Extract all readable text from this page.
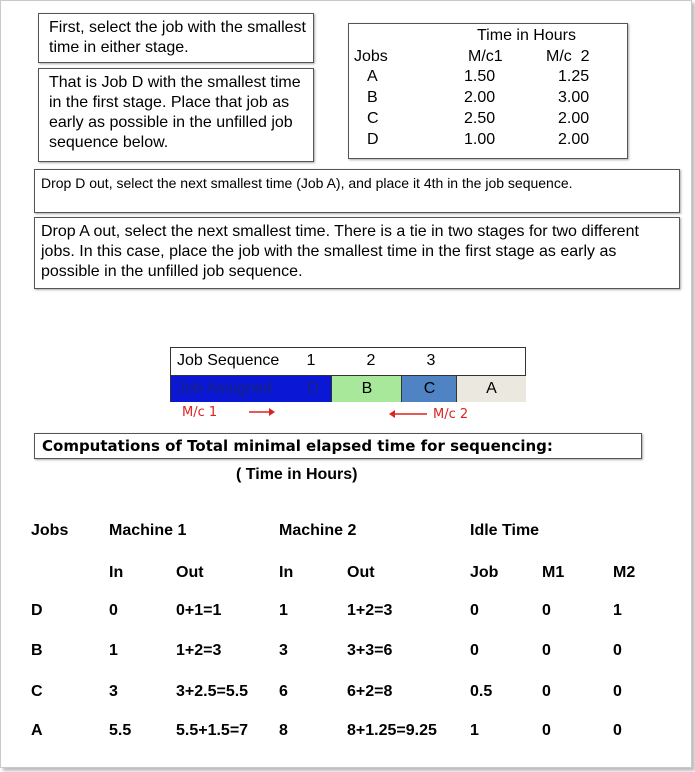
First, select the job with the smallest time in either stage.
That is Job D with the smallest time in the first stage. Place that job as early as possible in the unfilled job sequence below.
Time in Hours
Jobs	M/c1	M/c  2
A	1.50	1.25
B	2.00	3.00
C	2.50	2.00
D	1.00	2.00
Drop D out, select the next smallest time (Job A), and place it 4th in the job sequence.
Drop A out, select the next smallest time. There is a tie in two stages for two different jobs. In this case, place the job with the smallest time in the first stage as early as possible in the unfilled job sequence.
Job Sequence	1	2	3
Job Assigned D	B	C	A
M/c 1	M/c 2
Computations of Total minimal elapsed time for sequencing:
( Time in Hours)
Jobs	Machine 1	Machine 2	Idle Time
In	Out	In	Out	Job	M1	M2
D	0	0+1=1	1	1+2=3	0	0	1
B	1	1+2=3	3	3+3=6	0	0	0
C	3	3+2.5=5.5 6	6+2=8	0.5	0	0
A	5.5	5.5+1.5=7 8	8+1.25=9.25 1	0	0
